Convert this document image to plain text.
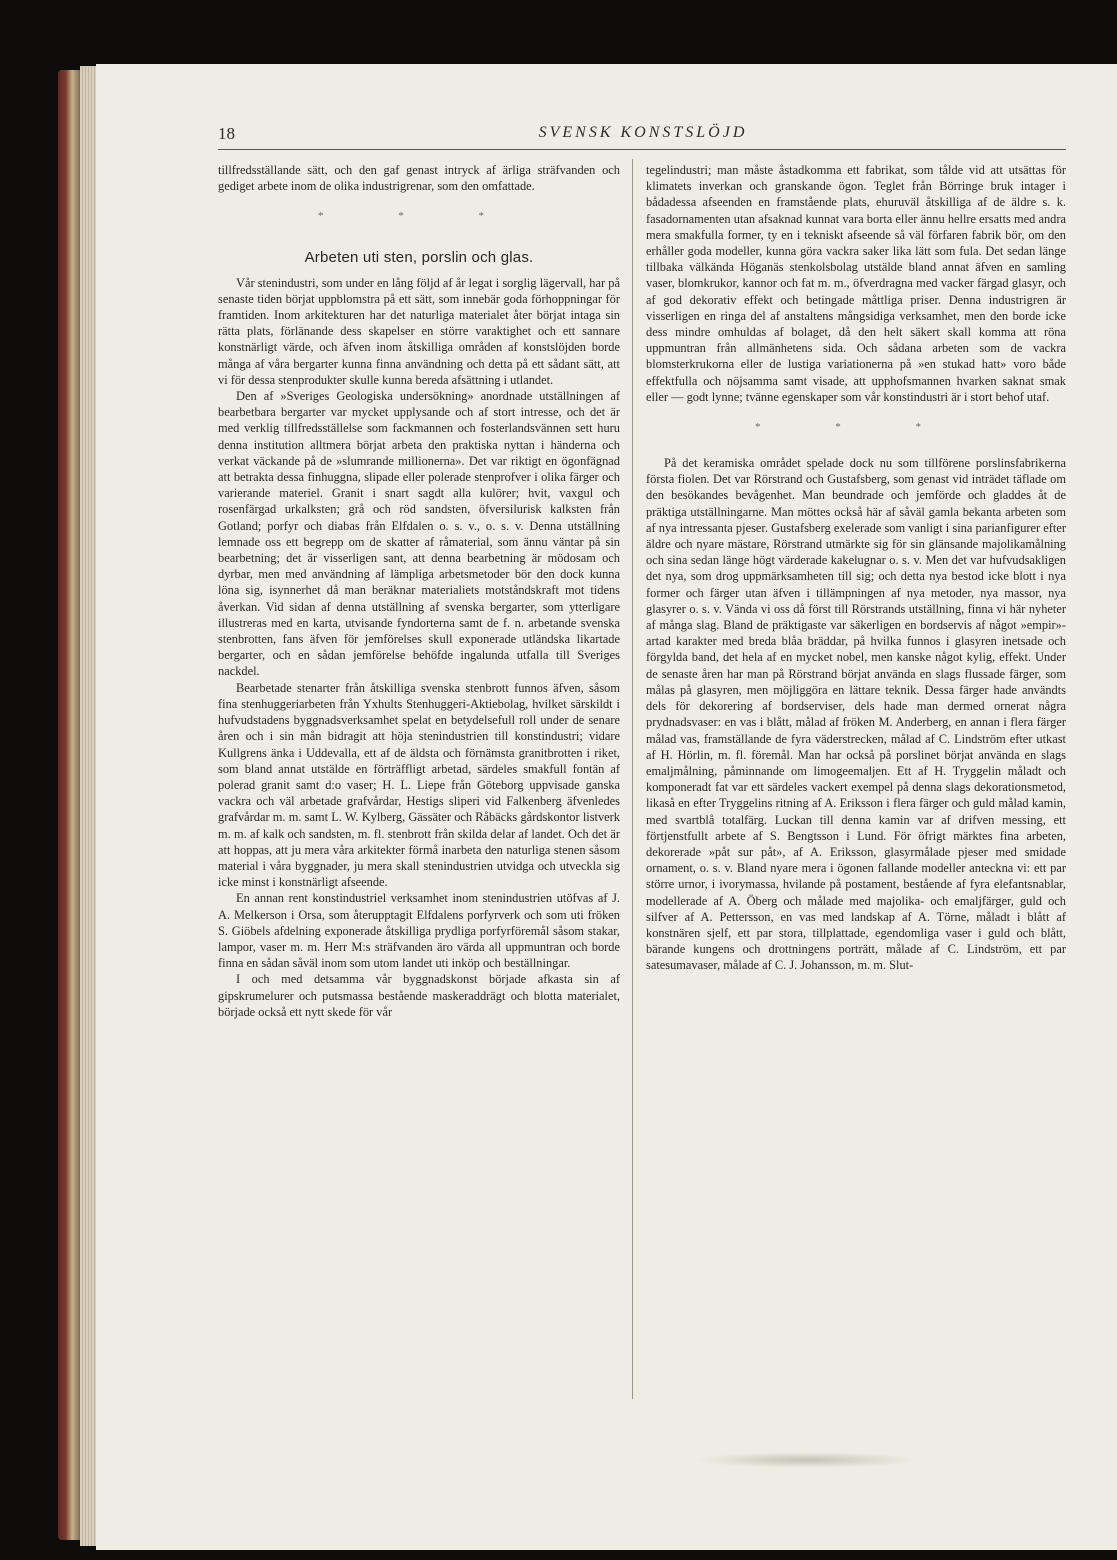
18	SVENSK KONSTSLÖJD

tillfredsställande sätt, och den gaf genast intryck af ärliga sträfvanden och gediget arbete inom de olika industrigrenar, som den omfattade.

* * *
Arbeten uti sten, porslin och glas.

Vår stenindustri, som under en lång följd af år legat i sorglig lägervall, har på senaste tiden börjat uppblomstra på ett sätt, som innebär goda förhoppningar för framtiden. Inom arkitekturen har det naturliga materialet åter börjat intaga sin rätta plats, förlänande dess skapelser en större varaktighet och ett sannare konstnärligt värde, och äfven inom åtskilliga områden af konstslöjden borde många af våra bergarter kunna finna användning och detta på ett sådant sätt, att vi för dessa stenprodukter skulle kunna bereda afsättning i utlandet.

Den af »Sveriges Geologiska undersökning» anordnade utställningen af bearbetbara bergarter var mycket upplysande och af stort intresse, och det är med verklig tillfredsställelse som fackmannen och fosterlandsvännen sett huru denna institution alltmera börjat arbeta den praktiska nyttan i händerna och verkat väckande på de »slumrande millionerna». Det var riktigt en ögonfägnad att betrakta dessa finhuggna, slipade eller polerade stenprofver i olika färger och varierande materiel. Granit i snart sagdt alla kulörer; hvit, vaxgul och rosenfärgad urkalksten; grå och röd sandsten, öfversilurisk kalksten från Gotland; porfyr och diabas från Elfdalen o. s. v., o. s. v. Denna utställning lemnade oss ett begrepp om de skatter af råmaterial, som ännu väntar på sin bearbetning; det är visserligen sant, att denna bearbetning är mödosam och dyrbar, men med användning af lämpliga arbetsmetoder bör den dock kunna löna sig, isynnerhet då man beräknar materialiets motståndskraft mot tidens åverkan. Vid sidan af denna utställning af svenska bergarter, som ytterligare illustreras med en karta, utvisande fyndorterna samt de f. n. arbetande svenska stenbrotten, fans äfven för jemförelses skull exponerade utländska likartade bergarter, och en sådan jemförelse behöfde ingalunda utfalla till Sveriges nackdel.

Bearbetade stenarter från åtskilliga svenska stenbrott funnos äfven, såsom fina stenhuggeriarbeten från Yxhults Stenhuggeri-Aktiebolag, hvilket särskildt i hufvudstadens byggnadsverksamhet spelat en betydelsefull roll under de senare åren och i sin mån bidragit att höja stenindustrien till konstindustri; vidare Kullgrens änka i Uddevalla, ett af de äldsta och förnämsta granitbrotten i riket, som bland annat utstälde en förträffligt arbetad, särdeles smakfull fontän af polerad granit samt d:o vaser; H. L. Liepe från Göteborg uppvisade ganska vackra och väl arbetade grafvårdar, Hestigs sliperi vid Falkenberg äfvenledes grafvårdar m. m. samt L. W. Kylberg, Gässäter och Råbäcks gårdskontor listverk m. m. af kalk och sandsten, m. fl. stenbrott från skilda delar af landet. Och det är att hoppas, att ju mera våra arkitekter förmå inarbeta den naturliga stenen såsom material i våra byggnader, ju mera skall stenindustrien utvidga och utveckla sig icke minst i konstnärligt afseende.

En annan rent konstindustriel verksamhet inom stenindustrien utöfvas af J. A. Melkerson i Orsa, som återupptagit Elfdalens porfyrverk och som uti fröken S. Giöbels afdelning exponerade åtskilliga prydliga porfyrföremål såsom stakar, lampor, vaser m. m. Herr M:s sträfvanden äro värda all uppmuntran och borde finna en sådan såväl inom som utom landet uti inköp och beställningar.

I och med detsamma vår byggnadskonst började afkasta sin af gipskrumelurer och putsmassa bestående maskeraddrägt och blotta materialet, började också ett nytt skede för vår

tegelindustri; man måste åstadkomma ett fabrikat, som tålde vid att utsättas för klimatets inverkan och granskande ögon. Teglet från Börringe bruk intager i bådadessa afseenden en framstående plats, ehuruväl åtskilliga af de äldre s. k. fasadornamenten utan afsaknad kunnat vara borta eller ännu hellre ersatts med andra mera smakfulla former, ty en i tekniskt afseende så väl förfaren fabrik bör, om den erhåller goda modeller, kunna göra vackra saker lika lätt som fula. Det sedan länge tillbaka välkända Höganäs stenkolsbolag utstälde bland annat äfven en samling vaser, blomkrukor, kannor och fat m. m., öfverdragna med vacker färgad glasyr, och af god dekorativ effekt och betingade måttliga priser. Denna industrigren är visserligen en ringa del af anstaltens mångsidiga verksamhet, men den borde icke dess mindre omhuldas af bolaget, då den helt säkert skall komma att röna uppmuntran från allmänhetens sida. Och sådana arbeten som de vackra blomsterkrukorna eller de lustiga variationerna på »en stukad hatt» voro både effektfulla och nöjsamma samt visade, att upphofsmannen hvarken saknat smak eller — godt lynne; tvänne egenskaper som vår konstindustri är i stort behof utaf.

* * *

På det keramiska området spelade dock nu som tillförene porslinsfabrikerna första fiolen. Det var Rörstrand och Gustafsberg, som genast vid inträdet täflade om den besökandes bevågenhet. Man beundrade och jemförde och gladdes åt de präktiga utställningarne. Man möttes också här af såväl gamla bekanta arbeten som af nya intressanta pjeser. Gustafsberg exelerade som vanligt i sina parianfigurer efter äldre och nyare mästare, Rörstrand utmärkte sig för sin glänsande majolikamålning och sina sedan länge högt värderade kakelugnar o. s. v. Men det var hufvudsakligen det nya, som drog uppmärksamheten till sig; och detta nya bestod icke blott i nya former och färger utan äfven i tillämpningen af nya metoder, nya massor, nya glasyrer o. s. v. Vända vi oss då först till Rörstrands utställning, finna vi här nyheter af många slag. Bland de präktigaste var säkerligen en bordservis af något »empir»-artad karakter med breda blåa bräddar, på hvilka funnos i glasyren inetsade och förgylda band, det hela af en mycket nobel, men kanske något kylig, effekt. Under de senaste åren har man på Rörstrand börjat använda en slags flussade färger, som målas på glasyren, men möjliggöra en lättare teknik. Dessa färger hade användts dels för dekorering af bordserviser, dels hade man dermed ornerat några prydnadsvaser: en vas i blått, målad af fröken M. Anderberg, en annan i flera färger målad vas, framställande de fyra väderstrecken, målad af C. Lindström efter utkast af H. Hörlin, m. fl. föremål. Man har också på porslinet börjat använda en slags emaljmålning, påminnande om limogeemaljen. Ett af H. Tryggelin måladt och komponeradt fat var ett särdeles vackert exempel på denna slags dekorationsmetod, likaså en efter Tryggelins ritning af A. Eriksson i flera färger och guld målad kamin, med svartblå totalfärg. Luckan till denna kamin var af drifven messing, ett förtjenstfullt arbete af S. Bengtsson i Lund. För öfrigt märktes fina arbeten, dekorerade »påt sur påt», af A. Eriksson, glasyrmålade pjeser med smidade ornament, o. s. v. Bland nyare mera i ögonen fallande modeller anteckna vi: ett par större urnor, i ivorymassa, hvilande på postament, bestående af fyra elefantsnablar, modellerade af A. Öberg och målade med majolika- och emaljfärger, guld och silfver af A. Pettersson, en vas med landskap af A. Törne, måladt i blått af konstnären sjelf, ett par stora, tillplattade, egendomliga vaser i guld och blått, bärande kungens och drottningens porträtt, målade af C. Lindström, ett par satesumavaser, målade af C. J. Johansson, m. m. Slut-
